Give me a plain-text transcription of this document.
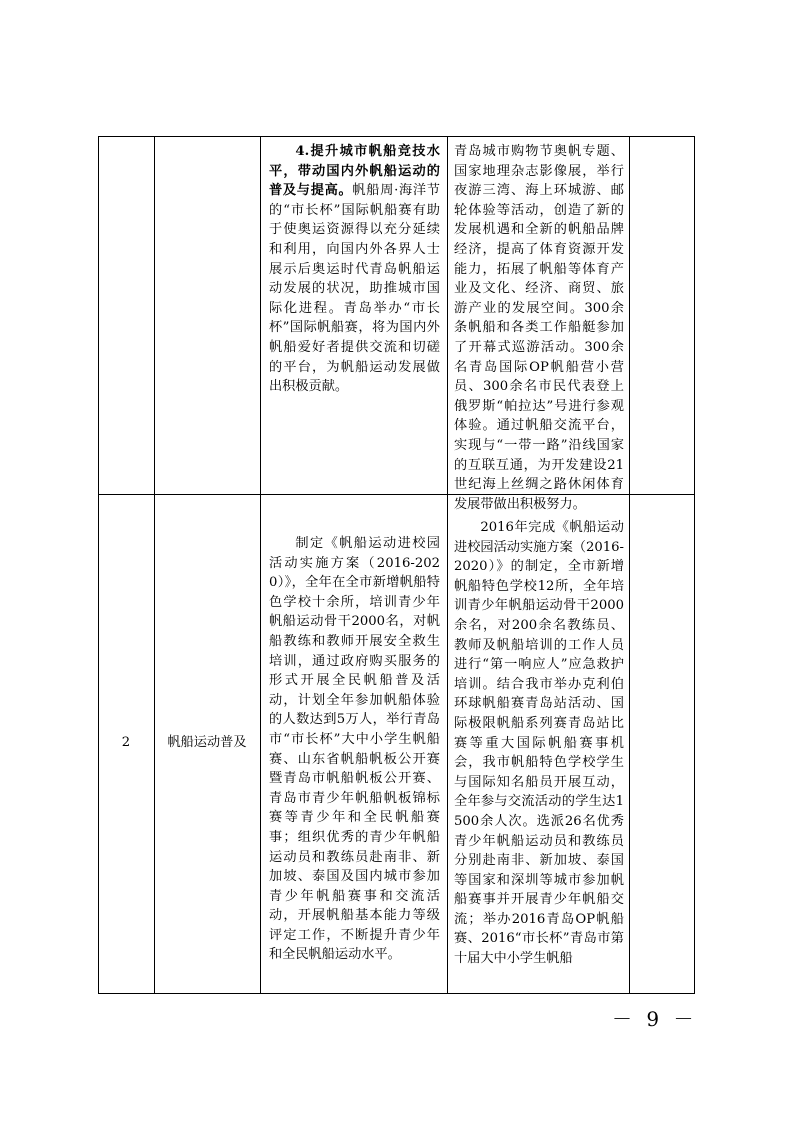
4.提升城市帆船竞技水平，带动国内外帆船运动的普及与提高。帆船周·海洋节的“市长杯”国际帆船赛有助于使奥运资源得以充分延续和利用，向国内外各界人士展示后奥运时代青岛帆船运动发展的状况，助推城市国际化进程。青岛举办“市长杯”国际帆船赛，将为国内外帆船爱好者提供交流和切磋的平台，为帆船运动发展做出积极贡献。

青岛城市购物节奥帆专题、国家地理杂志影像展，举行夜游三湾、海上环城游、邮轮体验等活动，创造了新的发展机遇和全新的帆船品牌经济，提高了体育资源开发能力，拓展了帆船等体育产业及文化、经济、商贸、旅游产业的发展空间。300余条帆船和各类工作船艇参加了开幕式巡游活动。300余名青岛国际OP帆船营小营员、300余名市民代表登上俄罗斯“帕拉达”号进行参观体验。通过帆船交流平台，实现与“一带一路”沿线国家的互联互通，为开发建设21世纪海上丝绸之路休闲体育发展带做出积极努力。

2	帆船运动普及

制定《帆船运动进校园活动实施方案（2016-2020）》，全年在全市新增帆船特色学校十余所，培训青少年帆船运动骨干2000名，对帆船教练和教师开展安全救生培训，通过政府购买服务的形式开展全民帆船普及活动，计划全年参加帆船体验的人数达到5万人，举行青岛市“市长杯”大中小学生帆船赛、山东省帆船帆板公开赛暨青岛市帆船帆板公开赛、青岛市青少年帆船帆板锦标赛等青少年和全民帆船赛事；组织优秀的青少年帆船运动员和教练员赴南非、新加坡、泰国及国内城市参加青少年帆船赛事和交流活动，开展帆船基本能力等级评定工作，不断提升青少年和全民帆船运动水平。

2016年完成《帆船运动进校园活动实施方案（2016-2020）》的制定，全市新增帆船特色学校12所，全年培训青少年帆船运动骨干2000余名，对200余名教练员、教师及帆船培训的工作人员进行“第一响应人”应急救护培训。结合我市举办克利伯环球帆船赛青岛站活动、国际极限帆船系列赛青岛站比赛等重大国际帆船赛事机会，我市帆船特色学校学生与国际知名船员开展互动，全年参与交流活动的学生达1500余人次。选派26名优秀青少年帆船运动员和教练员分别赴南非、新加坡、泰国等国家和深圳等城市参加帆船赛事并开展青少年帆船交流；举办2016青岛OP帆船赛、2016“市长杯”青岛市第十届大中小学生帆船

－ 9 －
